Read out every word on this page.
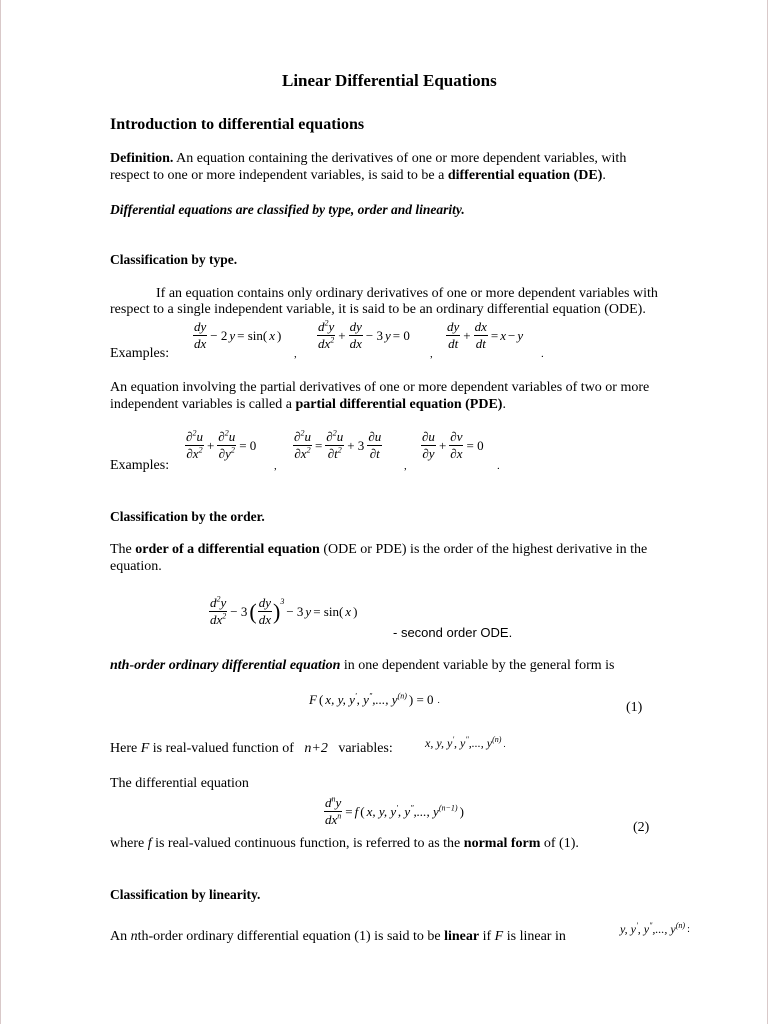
Linear Differential Equations
Introduction to differential equations
Definition. An equation containing the derivatives of one or more dependent variables, with
respect to one or more independent variables, is said to be a differential equation (DE).
Differential equations are classified by type, order and linearity.
Classification by type.
If an equation contains only ordinary derivatives of one or more dependent variables with
respect to a single independent variable, it is said to be an ordinary differential equation (ODE).
Examples:
dy
dx
− 2 y = sin( x )
,
$d^2y$
$dx^2 + \frac{dy}{dx} - 3$ y = 0
,
dy
dt
+ $\frac{dx}{dt} = x - y$
.
An equation involving the partial derivatives of one or more dependent variables of two or more
independent variables is called a partial differential equation (PDE).
Examples:
∂$^2$u
$\partial x^2 + \frac{\partial^2u}{\partial y^2} = 0$
,
$\frac{\partial^2u}{\partial x^2} = \frac{\partial^2u}{\partial t^2} + 3$
∂u
∂t
,
∂u
∂y
+ $\frac{\partial v}{\partial x} = 0$
.
Classification by the order.
The order of a differential equation (ODE or PDE) is the order of the highest derivative in the
equation.
$d^2y$
$dx^2 - 3$ ( dy
dx ) 3
− 3 y = sin( x )
- second order ODE.
nth-order ordinary differential equation in one dependent variable by the general form is
F ( x, y, y', y",..., $y^{(n)}$ ) = 0 .	(1)
Here F is real-valued function of   n+2   variables:	x, y, y', y",..., $y^{(n)}$ .
The differential equation
$d^ny$
$dx^n = f$ ( x, y, y', y",..., $y^{(n-1)}$ )
(2)
where f is real-valued continuous function, is referred to as the normal form of (1).
Classification by linearity.
An nth-order ordinary differential equation (1) is said to be linear if F is linear in	y, y', y",..., $y^{(n)}$ :
